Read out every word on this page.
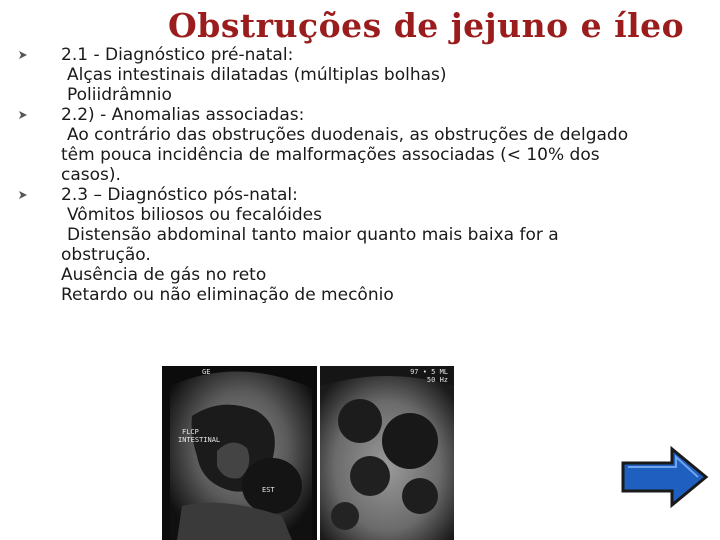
Obstruções de jejuno e íleo
2.1 - Diagnóstico pré-natal:
Alças intestinais dilatadas (múltiplas bolhas)
Poliidrâmnio
2.2) - Anomalias associadas:
Ao contrário das obstruções duodenais, as obstruções de delgado têm pouca incidência de malformações associadas (< 10% dos casos).
2.3 – Diagnóstico pós-natal:
Vômitos biliosos ou fecalóides
Distensão abdominal tanto maior quanto mais baixa for a obstrução.
Ausência de gás no reto
Retardo ou não eliminação de mecônio
GE
FLCP
INTESTINAL
EST
97 • 5 ML
50 Hz
